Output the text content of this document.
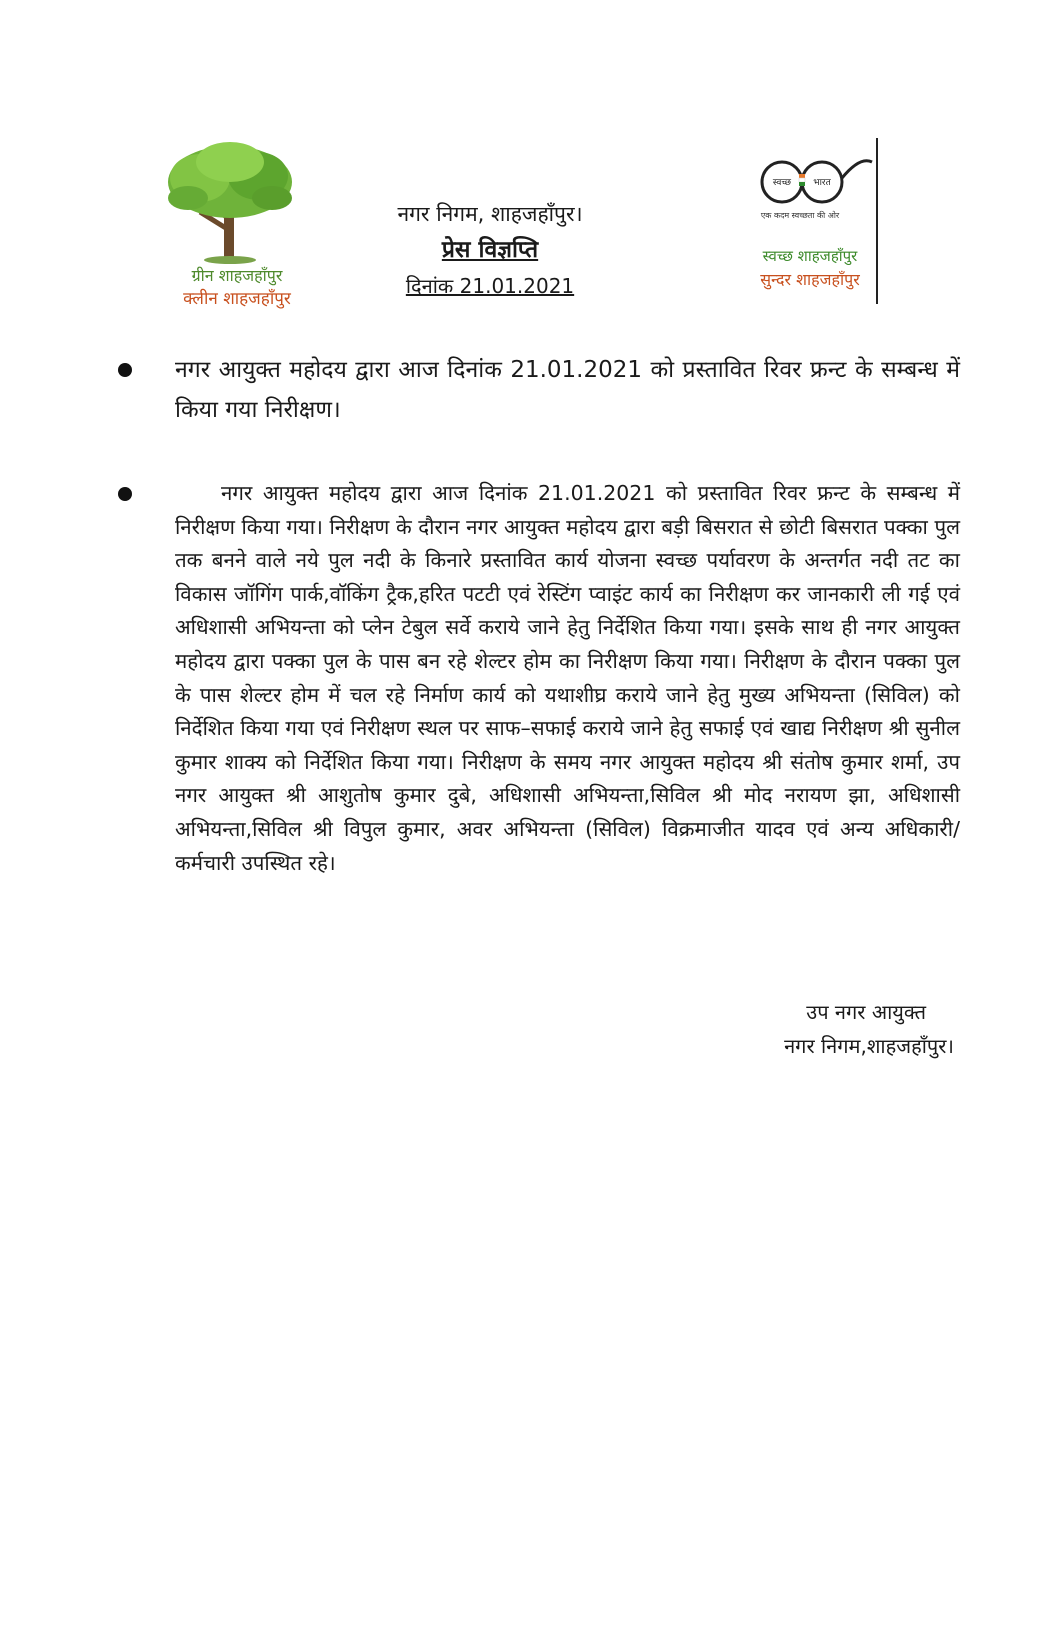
ग्रीन शाहजहाँपुर
क्लीन शाहजहाँपुर
नगर निगम, शाहजहाँपुर।
प्रेस विज्ञप्ति
दिनांक 21.01.2021
स्वच्छ भारत
एक कदम स्वच्छता की ओर
स्वच्छ शाहजहाँपुर
सुन्दर शाहजहाँपुर
नगर आयुक्त महोदय द्वारा आज दिनांक 21.01.2021 को प्रस्तावित रिवर फ्रन्ट के सम्बन्ध में किया गया निरीक्षण।
नगर आयुक्त महोदय द्वारा आज दिनांक 21.01.2021 को प्रस्तावित रिवर फ्रन्ट के सम्बन्ध में निरीक्षण किया गया। निरीक्षण के दौरान नगर आयुक्त महोदय द्वारा बड़ी बिसरात से छोटी बिसरात पक्का पुल तक बनने वाले नये पुल नदी के किनारे प्रस्तावित कार्य योजना स्वच्छ पर्यावरण के अन्तर्गत नदी तट का विकास जॉगिंग पार्क,वॉकिंग ट्रैक,हरित पटटी एवं रेस्टिंग प्वाइंट कार्य का निरीक्षण कर जानकारी ली गई एवं अधिशासी अभियन्ता को प्लेन टेबुल सर्वे कराये जाने हेतु निर्देशित किया गया। इसके साथ ही नगर आयुक्त महोदय द्वारा पक्का पुल के पास बन रहे शेल्टर होम का निरीक्षण किया गया। निरीक्षण के दौरान पक्का पुल के पास शेल्टर होम में चल रहे निर्माण कार्य को यथाशीघ्र कराये जाने हेतु मुख्य अभियन्ता (सिविल) को निर्देशित किया गया एवं निरीक्षण स्थल पर साफ–सफाई कराये जाने हेतु सफाई एवं खाद्य निरीक्षण श्री सुनील कुमार शाक्य को निर्देशित किया गया। निरीक्षण के समय नगर आयुक्त महोदय श्री संतोष कुमार शर्मा, उप नगर आयुक्त श्री आशुतोष कुमार दुबे, अधिशासी अभियन्ता,सिविल श्री मोद नरायण झा, अधिशासी अभियन्ता,सिविल श्री विपुल कुमार, अवर अभियन्ता (सिविल) विक्रमाजीत यादव एवं अन्य अधिकारी/कर्मचारी उपस्थित रहे।
उप नगर आयुक्त
नगर निगम,शाहजहाँपुर।
